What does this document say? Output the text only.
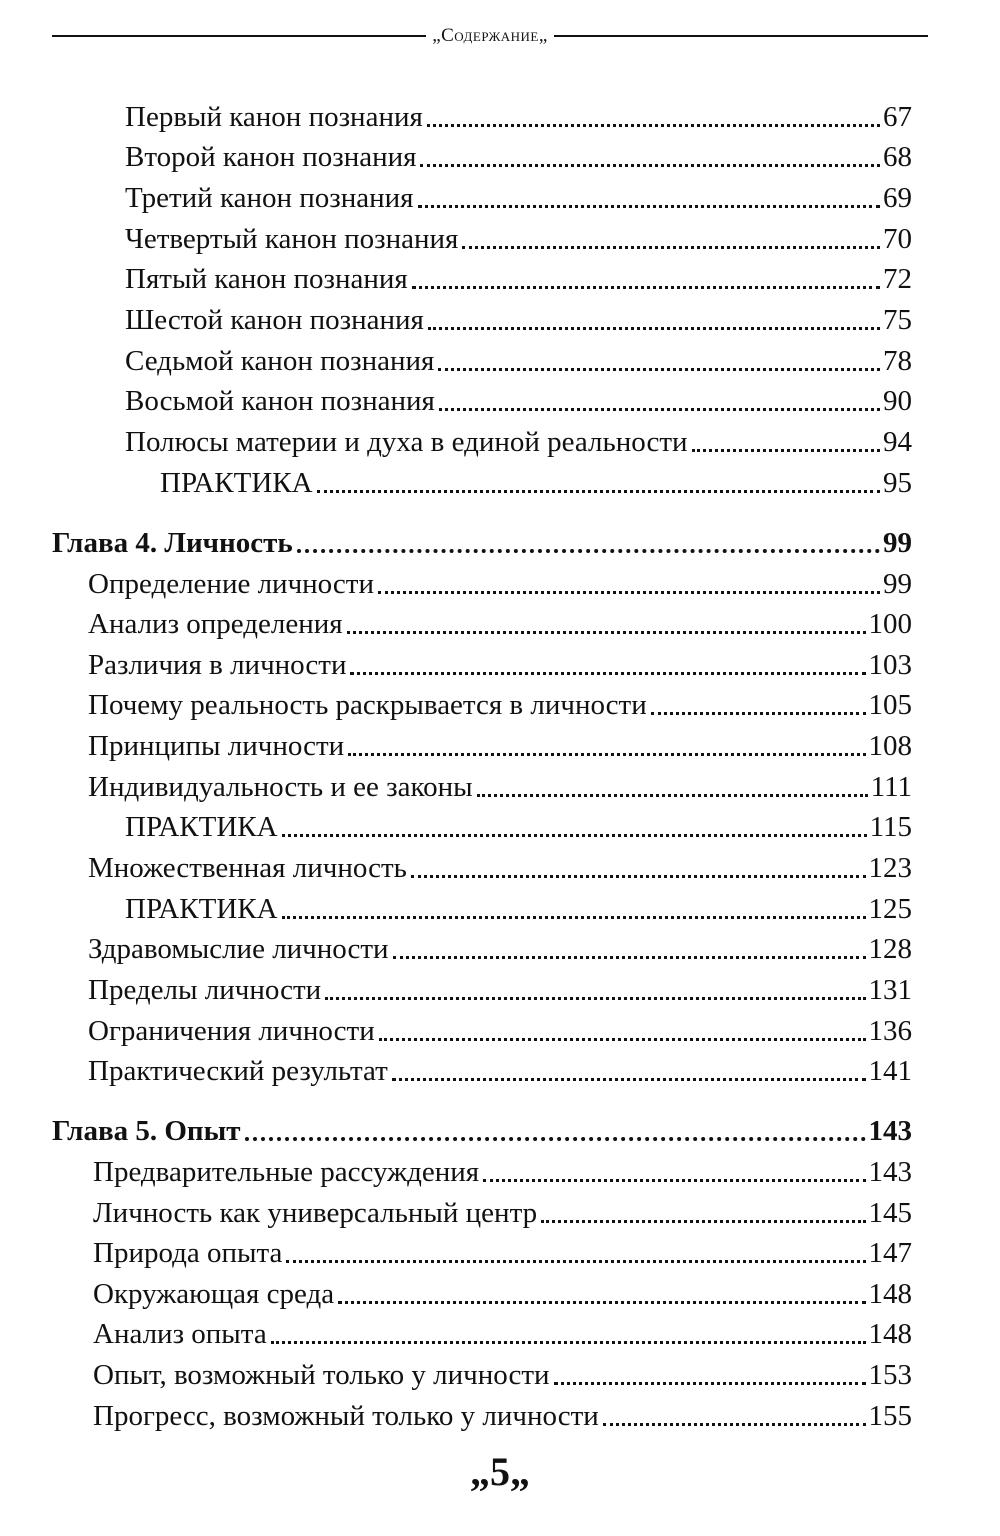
„Содержание„
Первый канон познания	67
Второй канон познания	68
Третий канон познания	69
Четвертый канон познания	70
Пятый канон познания	72
Шестой канон познания	75
Седьмой канон познания	78
Восьмой канон познания	90
Полюсы материи и духа в единой реальности	94
ПРАКТИКА	95
Глава 4. Личность	99
Определение личности	99
Анализ определения	100
Различия в личности	103
Почему реальность раскрывается в личности	105
Принципы личности	108
Индивидуальность и ее законы	111
ПРАКТИКА	115
Множественная личность	123
ПРАКТИКА	125
Здравомыслие личности	128
Пределы личности	131
Ограничения личности	136
Практический результат	141
Глава 5. Опыт	143
Предварительные рассуждения	143
Личность как универсальный центр	145
Природа опыта	147
Окружающая среда	148
Анализ опыта	148
Опыт, возможный только у личности	153
Прогресс, возможный только у личности	155
„5„
